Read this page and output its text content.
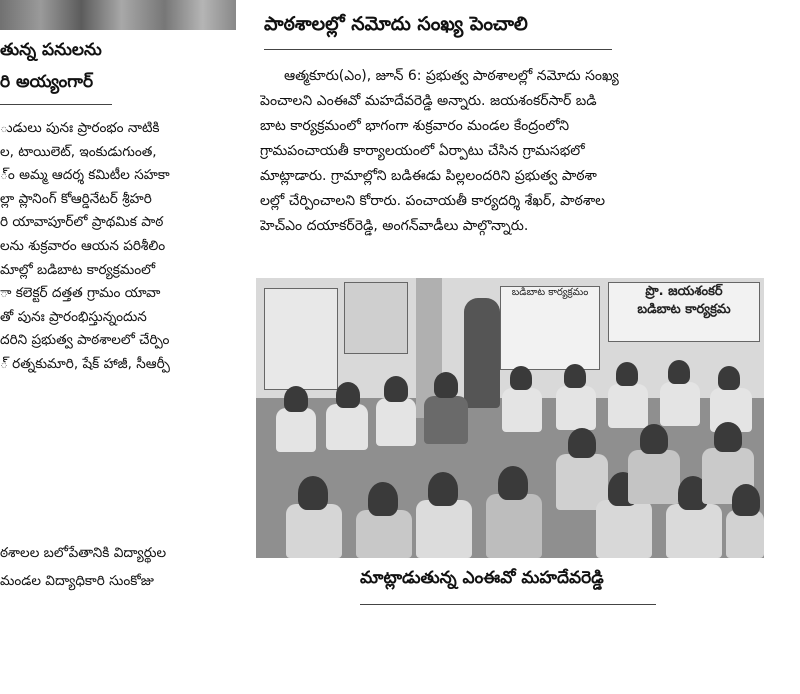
తున్న పనులను
రి అయ్యంగార్
ుడులు పునః ప్రారంభం నాటికి
ల, టాయిలెట్, ఇంకుడుగుంత,
్ం అమ్మ ఆదర్శ కమిటీల సహకా
ల్లా ప్లానింగ్ కోఆర్డినేటర్ శ్రీహరి
రి యావాపూర్‌లో ప్రాథమిక పాఠ
లను శుక్రవారం ఆయన పరిశీలిం
మాల్లో బడిబాట కార్యక్రమంలో
ా కలెక్టర్ దత్తత గ్రామం యావా
తో పునః ప్రారంభిస్తున్నందున
దరిని ప్రభుత్వ పాఠశాలలో చేర్పిం
్ రత్నకుమారి, షేక్ హాజీ, సీఆర్పీ
ఠశాలల బలోపేతానికి విద్యార్థుల
మండల విద్యాధికారి సుంకోజు
పాఠశాలల్లో నమోదు సంఖ్య పెంచాలి
ఆత్మకూరు(ఎం), జూన్ 6: ప్రభుత్వ పాఠశాలల్లో నమోదు సంఖ్య
పెంచాలని ఎంఈవో మహదేవరెడ్డి అన్నారు. జయశంకర్‌సార్ బడి
బాట కార్యక్రమంలో భాగంగా శుక్రవారం మండల కేంద్రంలోని
గ్రామపంచాయతీ కార్యాలయంలో ఏర్పాటు చేసిన గ్రామసభలో
మాట్లాడారు. గ్రామాల్లోని బడిఈడు పిల్లలందరిని ప్రభుత్వ పాఠశా
లల్లో చేర్పించాలని కోరారు. పంచాయతీ కార్యదర్శి శేఖర్, పాఠశాల
హెచ్‌ఎం దయాకర్‌రెడ్డి, అంగన్‌వాడీలు పాల్గొన్నారు.
బడిబాట కార్యక్రమం	ప్రొ. జయశంకర్
బడిబాట కార్యక్రమ
మాట్లాడుతున్న ఎంఈవో మహదేవరెడ్డి
